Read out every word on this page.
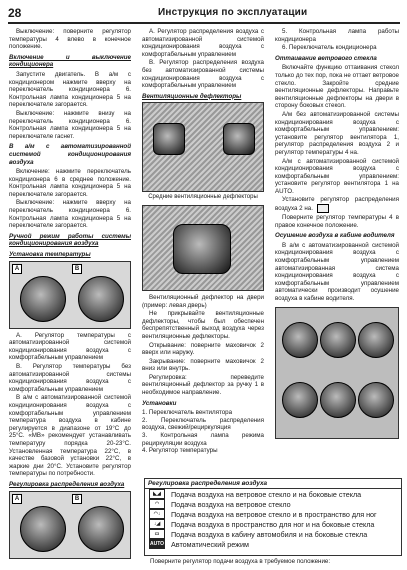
28	Инструкция по эксплуатации

Выключение: поверните регулятор температуры 4 влево в конечное положение.

Включение и выключение кондиционера

Запустите двигатель. В а/м с кондиционером нажмите вверху на переключатель кондиционера 6. Контрольная лампа кондиционера 5 на переключателе загорается.

Выключение: нажмите внизу на переключатель кондиционера 6. Контрольная лампа кондиционера 5 на переключателе гаснет.

В а/м с автоматизированной системой кондиционирования воздуха

Включение: нажмите переключатель кондиционера 6 в среднее положение. Контрольная лампа кондиционера 5 на переключателе загорается.

Выключение: нажмите вверху на переключатель кондиционера 6. Контрольная лампа кондиционера 5 на переключателе загорается.

Ручной режим работы системы кондиционирования воздуха
Установка температуры
A	B

А. Регулятор температуры с автоматизированной системой кондиционирования воздуха с комфортабельным управлением

В. Регулятор температуры без автоматизированной системы кондиционирования воздуха с комфортабельным управлением

В а/м с автоматизированной системой кондиционирования воздуха с комфортабельным управлением температура воздуха в кабине регулируется в диапазоне от 19°С до 25°С. «МВ» рекомендует устанавливать температуру порядка 20-23°С. Установленная температура 22°С, в качестве базовой установки 22°С, в жаркие дни 20°С. Установите регулятор температуры по потребности.

Регулировка распределения воздуха
A	B

А. Регулятор распределения воздуха с автоматизированной системой кондиционирования воздуха с комфортабельным управлением

В. Регулятор распределения воздуха без автоматизированной системы кондиционирования воздуха с комфортабельным управлением

Вентиляционные дефлекторы
Средние вентиляционные дефлекторы

Вентиляционный дефлектор на двери (пример: левая дверь)

Не прикрывайте вентиляционные дефлекторы, чтобы был обеспечен беспрепятственный выход воздуха через вентиляционные дефлекторы.

Открывание: поверните маховичок 2 вверх или наружу.

Закрывание: поверните маховичок 2 вниз или внутрь.

Регулировка: переведите вентиляционный дефлектор за ручку 1 в необходимое направление.

Установки
1. Переключатель вентилятора
2. Переключатель распределения воздуха, свежий/рециркуляция
3. Контрольная лампа режима рециркуляции воздуха
4. Регулятор температуры

5. Контрольная лампа работы кондиционера

6. Переключатель кондиционера

Оттаивание ветрового стекла

Включайте функцию оттаивания стекол только до тех пор, пока не оттает ветровое стекло. Закройте средние вентиляционные дефлекторы. Направьте вентиляционные дефлекторы на двери в сторону боковых стекол.

А/м без автоматизированной системы кондиционирования воздуха с комфортабельным управлением: установите регулятор вентилятора 1, регулятор распределения воздуха 2 и регулятор температуры 4 на.

А/м с автоматизированной системой кондиционирования воздуха с комфортабельным управлением: установите регулятор вентилятора 1 на AUTO.

Установите регулятор распределения воздуха 2 на.

Поверните регулятор температуры 4 в правое конечное положение.

Осушение воздуха в кабине водителя

В а/м с автоматизированной системой кондиционирования воздуха с комфортабельным управлением автоматизированная система кондиционирования воздуха с комфортабельным управлением автоматически производит осушение воздуха в кабине водителя.

Регулировка распределения воздуха
◣◢	Подача воздуха на ветровое стекло и на боковые стекла
◠	Подача воздуха на ветровое стекло
◠↓	Подача воздуха на ветровое стекло и в пространство для ног
↓◢	Подача воздуха в пространство для ног и на боковые стекла
▭	Подача воздуха в кабину автомобиля и на боковые стекла
AUTO Автоматический режим
Поверните регулятор подачи воздуха в требуемое положение:
